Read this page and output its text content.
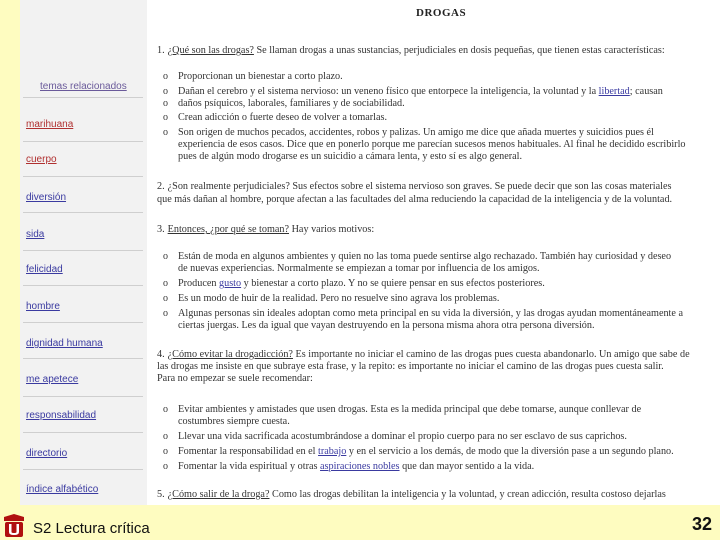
temas relacionados
marihuana
cuerpo
diversión
sida
felicidad
hombre
dignidad humana
me apetece
responsabilidad
directorio
índice alfabético
DROGAS
1. ¿Qué son las drogas? Se llaman drogas a unas sustancias, perjudiciales en dosis pequeñas, que tienen estas características:
o Proporcionan un bienestar a corto plazo.
o Dañan el cerebro y el sistema nervioso: un veneno físico que entorpece la inteligencia, la voluntad y la libertad; causan
o daños psíquicos, laborales, familiares y de sociabilidad.
o Crean adicción o fuerte deseo de volver a tomarlas.
o Son origen de muchos pecados, accidentes, robos y palizas. Un amigo me dice que añada muertes y suicidios pues él
experiencia de esos casos. Dice que en ponerlo porque me parecían sucesos menos habituales. Al final he decidido escribirlo
pues de algún modo drogarse es un suicidio a cámara lenta, y esto sí es algo general.
2. ¿Son realmente perjudiciales? Sus efectos sobre el sistema nervioso son graves. Se puede decir que son las cosas materiales
que más dañan al hombre, porque afectan a las facultades del alma reduciendo la capacidad de la inteligencia y de la voluntad.
3. Entonces, ¿por qué se toman? Hay varios motivos:
o Están de moda en algunos ambientes y quien no las toma puede sentirse algo rechazado. También hay curiosidad y deseo
de nuevas experiencias. Normalmente se empiezan a tomar por influencia de los amigos.
o Producen gusto y bienestar a corto plazo. Y no se quiere pensar en sus efectos posteriores.
o Es un modo de huir de la realidad. Pero no resuelve sino agrava los problemas.
o Algunas personas sin ideales adoptan como meta principal en su vida la diversión, y las drogas ayudan momentáneamente a
ciertas juergas. Les da igual que vayan destruyendo en la persona misma ahora otra persona diversión.
4. ¿Cómo evitar la drogadicción? Es importante no iniciar el camino de las drogas pues cuesta abandonarlo. Un amigo que sabe de
las drogas me insiste en que subraye esta frase, y la repito: es importante no iniciar el camino de las drogas pues cuesta salir.
Para no empezar se suele recomendar:
o Evitar ambientes y amistades que usen drogas. Esta es la medida principal que debe tomarse, aunque conllevar de
costumbres siempre cuesta.
o Llevar una vida sacrificada acostumbrándose a dominar el propio cuerpo para no ser esclavo de sus caprichos.
o Fomentar la responsabilidad en el trabajo y en el servicio a los demás, de modo que la diversión pase a un segundo plano.
o Fomentar la vida espiritual y otras aspiraciones nobles que dan mayor sentido a la vida.
5. ¿Cómo salir de la droga? Como las drogas debilitan la inteligencia y la voluntad, y crean adicción, resulta costoso dejarlas
S2 Lectura crítica	32
